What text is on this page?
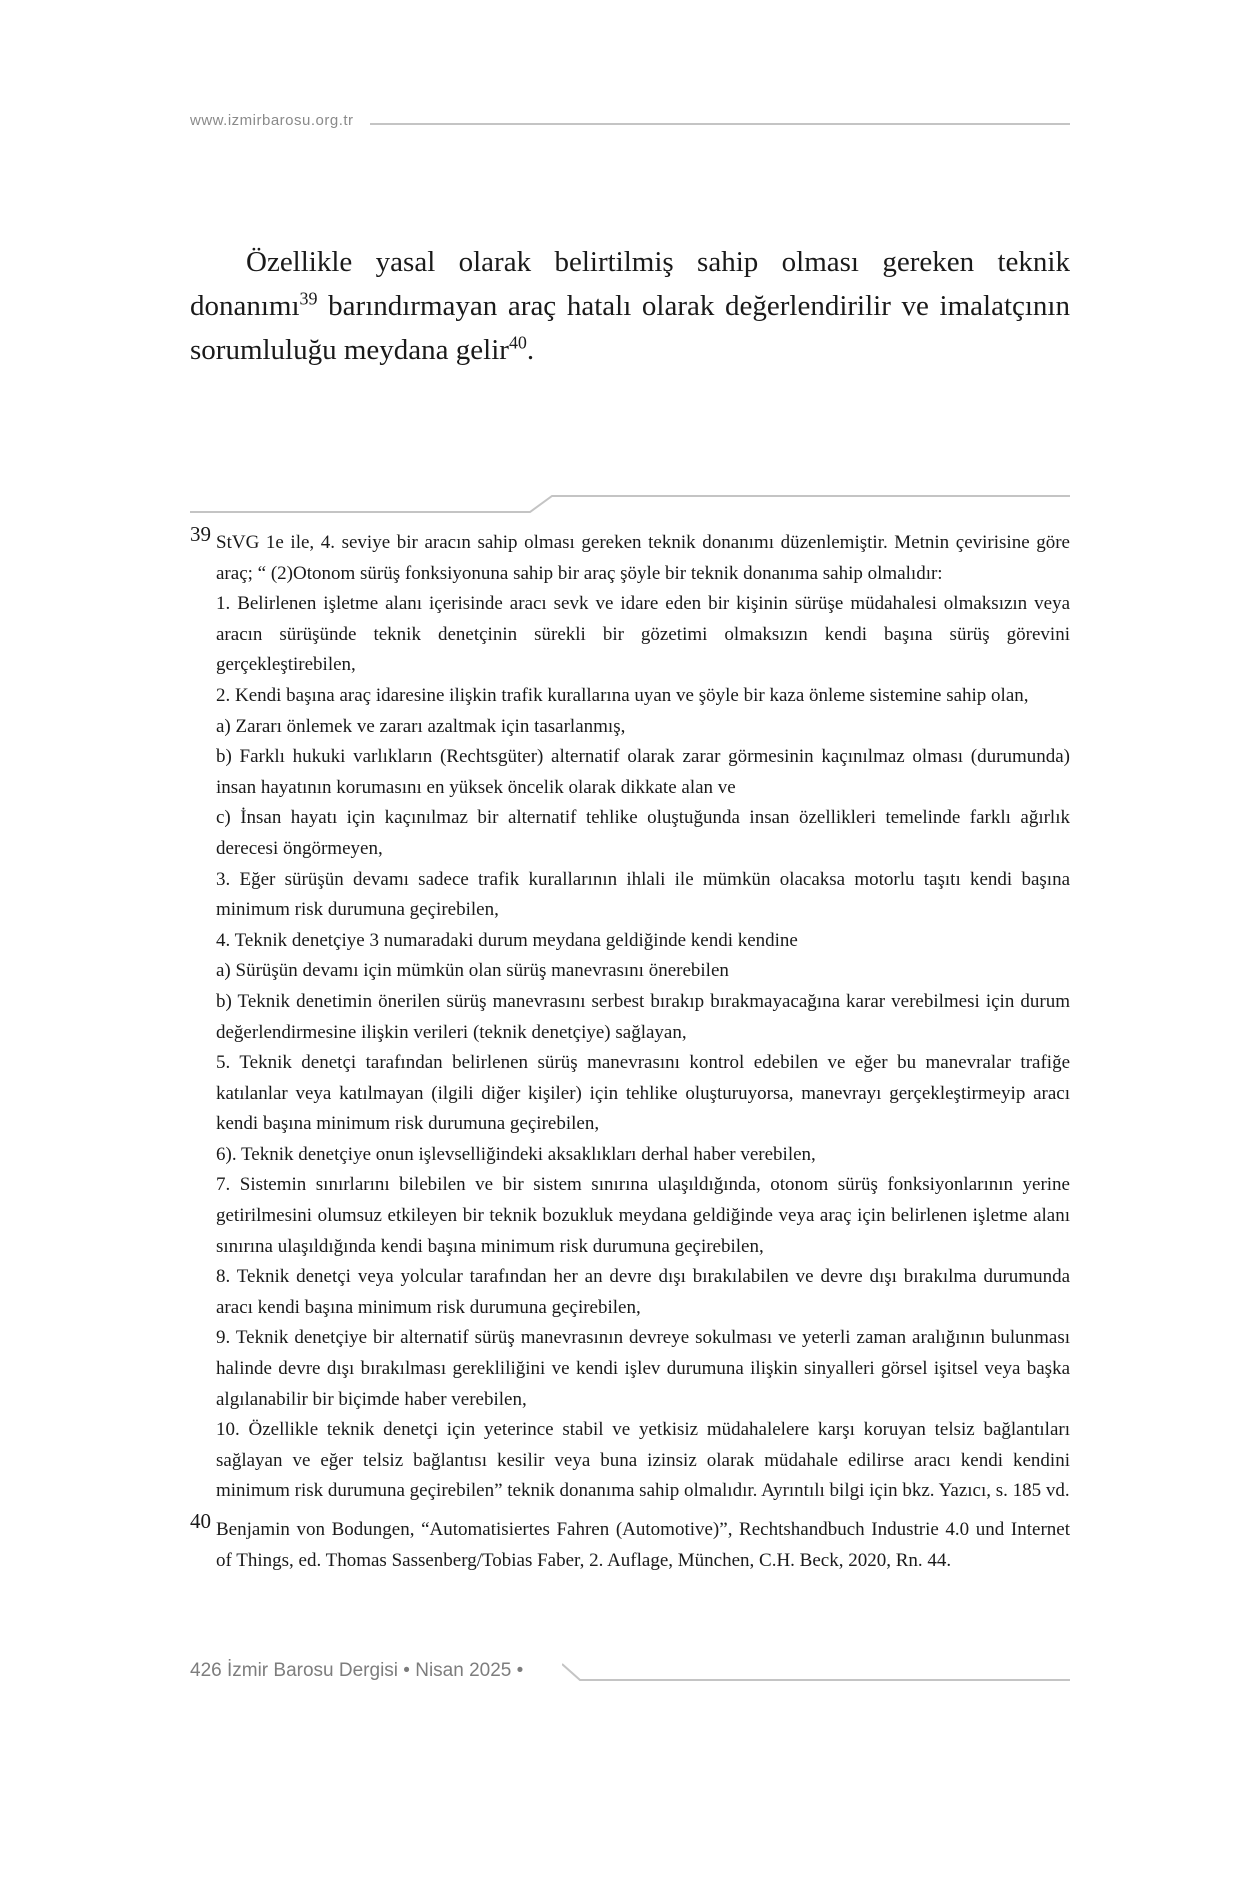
www.izmirbarosu.org.tr

Özellikle yasal olarak belirtilmiş sahip olması gereken teknik donanımı$^{39}$ barındırmayan araç hatalı olarak değerlendirilir ve imalatçının sorumluluğu meydana gelir$^{40}$.

39 StVG 1e ile, 4. seviye bir aracın sahip olması gereken teknik donanımı düzenlemiştir. Metnin çevirisine göre araç; “ (2)Otonom sürüş fonksiyonuna sahip bir araç şöyle bir teknik donanıma sahip olmalıdır:

1. Belirlenen işletme alanı içerisinde aracı sevk ve idare eden bir kişinin sürüşe müdahalesi olmaksızın veya aracın sürüşünde teknik denetçinin sürekli bir gözetimi olmaksızın kendi başına sürüş görevini gerçekleştirebilen,

2. Kendi başına araç idaresine ilişkin trafik kurallarına uyan ve şöyle bir kaza önleme sistemine sahip olan,

a) Zararı önlemek ve zararı azaltmak için tasarlanmış,

b) Farklı hukuki varlıkların (Rechtsgüter) alternatif olarak zarar görmesinin kaçınılmaz olması (durumunda) insan hayatının korumasını en yüksek öncelik olarak dikkate alan ve

c) İnsan hayatı için kaçınılmaz bir alternatif tehlike oluştuğunda insan özellikleri temelinde farklı ağırlık derecesi öngörmeyen,

3. Eğer sürüşün devamı sadece trafik kurallarının ihlali ile mümkün olacaksa motorlu taşıtı kendi başına minimum risk durumuna geçirebilen,

4. Teknik denetçiye 3 numaradaki durum meydana geldiğinde kendi kendine

a) Sürüşün devamı için mümkün olan sürüş manevrasını önerebilen

b) Teknik denetimin önerilen sürüş manevrasını serbest bırakıp bırakmayacağına karar verebilmesi için durum değerlendirmesine ilişkin verileri (teknik denetçiye) sağlayan,

5. Teknik denetçi tarafından belirlenen sürüş manevrasını kontrol edebilen ve eğer bu manevralar trafiğe katılanlar veya katılmayan (ilgili diğer kişiler) için tehlike oluşturuyorsa, manevrayı gerçekleştirmeyip aracı kendi başına minimum risk durumuna geçirebilen,

6). Teknik denetçiye onun işlevselliğindeki aksaklıkları derhal haber verebilen,

7. Sistemin sınırlarını bilebilen ve bir sistem sınırına ulaşıldığında, otonom sürüş fonksiyonlarının yerine getirilmesini olumsuz etkileyen bir teknik bozukluk meydana geldiğinde veya araç için belirlenen işletme alanı sınırına ulaşıldığında kendi başına minimum risk durumuna geçirebilen,

8. Teknik denetçi veya yolcular tarafından her an devre dışı bırakılabilen ve devre dışı bırakılma durumunda aracı kendi başına minimum risk durumuna geçirebilen,

9. Teknik denetçiye bir alternatif sürüş manevrasının devreye sokulması ve yeterli zaman aralığının bulunması halinde devre dışı bırakılması gerekliliğini ve kendi işlev durumuna ilişkin sinyalleri görsel işitsel veya başka algılanabilir bir biçimde haber verebilen,

10. Özellikle teknik denetçi için yeterince stabil ve yetkisiz müdahalelere karşı koruyan telsiz bağlantıları sağlayan ve eğer telsiz bağlantısı kesilir veya buna izinsiz olarak müdahale edilirse aracı kendi kendini minimum risk durumuna geçirebilen” teknik donanıma sahip olmalıdır. Ayrıntılı bilgi için bkz. Yazıcı, s. 185 vd.

40 Benjamin von Bodungen, “Automatisiertes Fahren (Automotive)”, Rechtshandbuch Industrie 4.0 und Internet of Things, ed. Thomas Sassenberg/Tobias Faber, 2. Auflage, München, C.H. Beck, 2020, Rn. 44.

426 İzmir Barosu Dergisi • Nisan 2025 •
